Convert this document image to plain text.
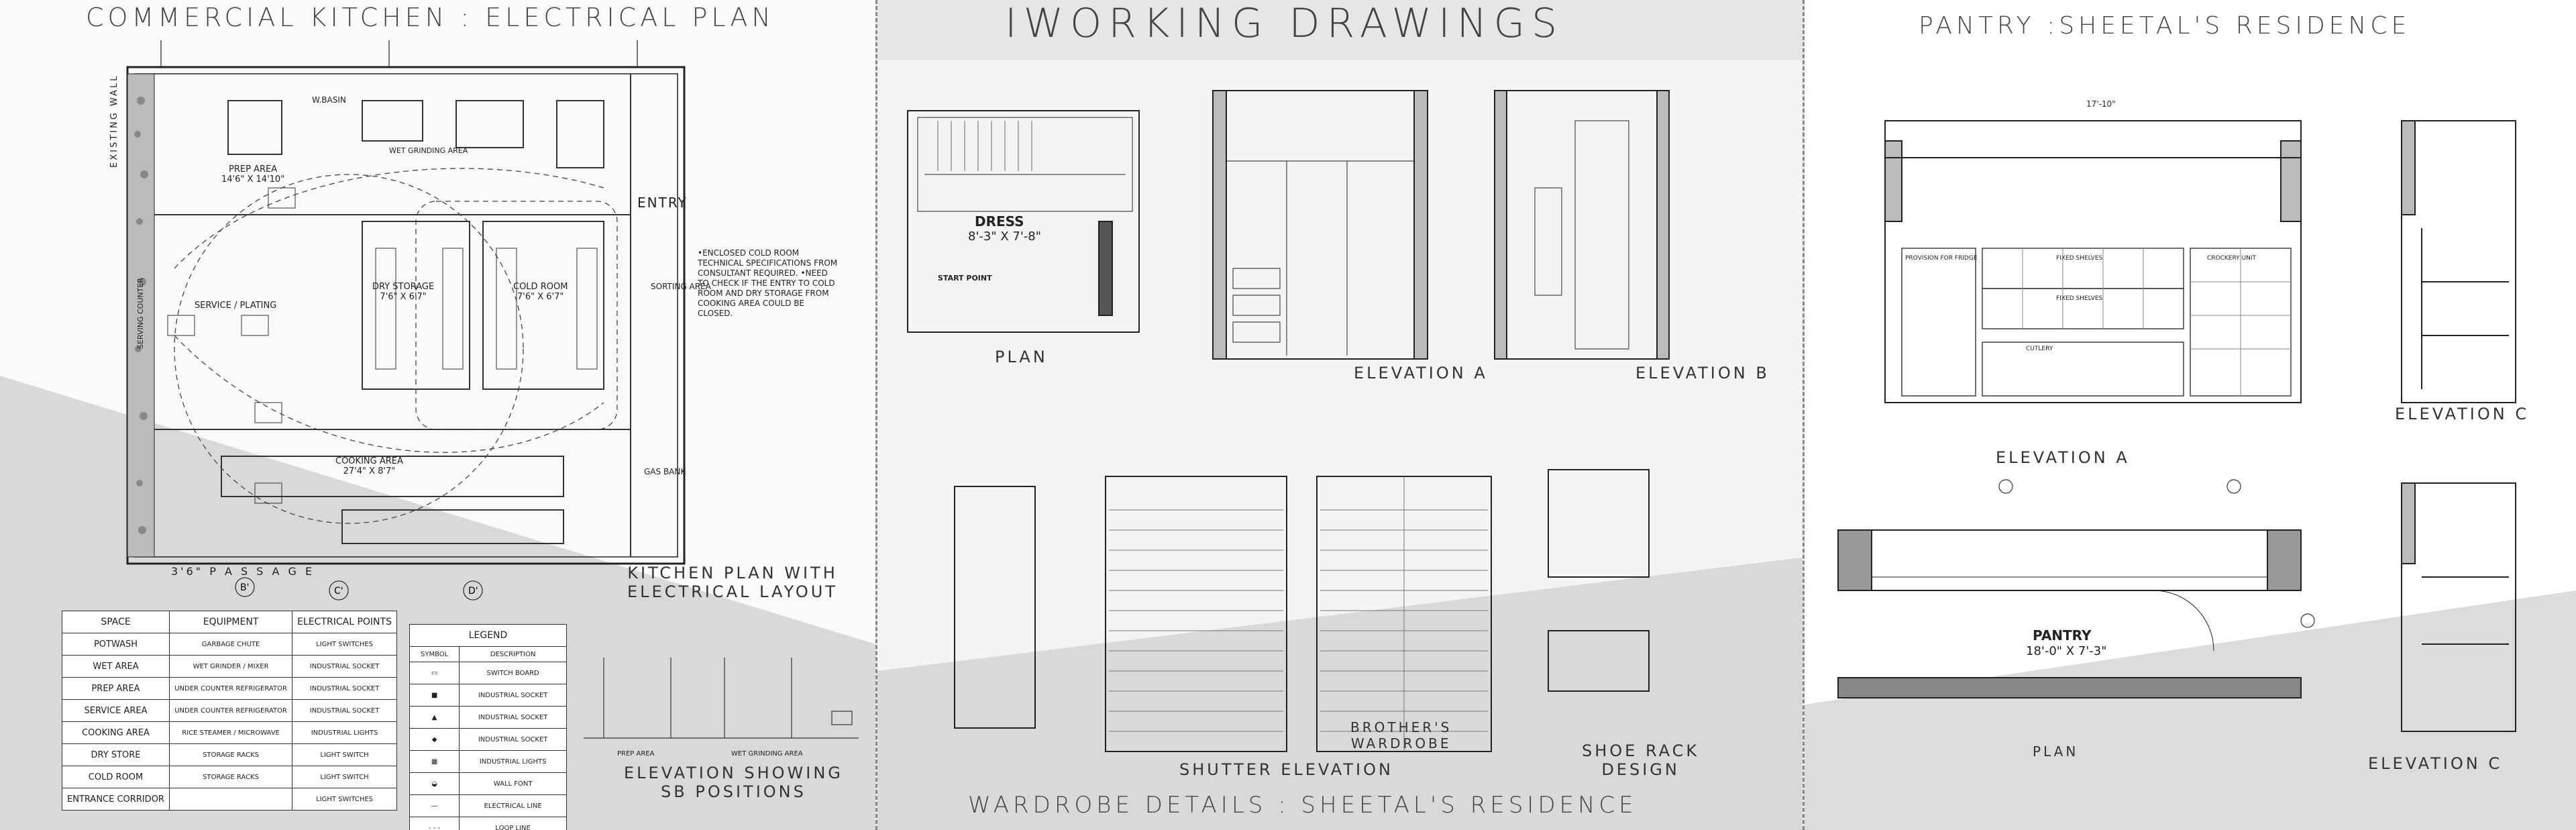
B'	C'	D'
COMMERCIAL KITCHEN : ELECTRICAL PLAN
PREP AREA
14'6" X 14'10"
DRY STORAGE
7'6" X 6'7"
COLD ROOM
7'6" X 6'7"
SERVICE / PLATING
COOKING AREA
27'4" X 8'7"
W.BASIN
WET GRINDING AREA
GAS BANK
ENTRY
SORTING AREA
EXISTING WALL
SERVING COUNTER
•ENCLOSED COLD ROOM TECHNICAL SPECIFICATIONS FROM CONSULTANT REQUIRED. •NEED TO CHECK IF THE ENTRY TO COLD ROOM AND DRY STORAGE FROM COOKING AREA COULD BE CLOSED.
3'6" P A S S A G E	KITCHEN PLAN WITH
ELECTRICAL LAYOUT
ELEVATION SHOWING
SB POSITIONS
PREP AREA	WET GRINDING AREA
SPACE	EQUIPMENT	ELECTRICAL POINTS
POTWASH	GARBAGE CHUTE	LIGHT SWITCHES
WET AREA	WET GRINDER / MIXER	INDUSTRIAL SOCKET
PREP AREA	UNDER COUNTER REFRIGERATOR	INDUSTRIAL SOCKET
SERVICE AREA	UNDER COUNTER REFRIGERATOR	INDUSTRIAL SOCKET
COOKING AREA	RICE STEAMER / MICROWAVE	INDUSTRIAL LIGHTS
DRY STORE	STORAGE RACKS	LIGHT SWITCH
COLD ROOM	STORAGE RACKS	LIGHT SWITCH
ENTRANCE CORRIDOR		LIGHT SWITCHES
LEGEND	
SYMBOL	DESCRIPTION
▭	SWITCH BOARD
■	INDUSTRIAL SOCKET
▲	INDUSTRIAL SOCKET
◆	INDUSTRIAL SOCKET
▦	INDUSTRIAL LIGHTS
◒	WALL FONT
—	ELECTRICAL LINE
- - -	LOOP LINE
IWORKING DRAWINGS
DRESS
8'-3" X 7'-8"
START POINT
PLAN
ELEVATION A	ELEVATION B
SHUTTER ELEVATION
BROTHER'S
WARDROBE	SHOE RACK
DESIGN
WARDROBE DETAILS : SHEETAL'S RESIDENCE
PANTRY :SHEETAL'S RESIDENCE
17'-10"
PROVISION FOR FRIDGE	FIXED SHELVES	CROCKERY UNIT
FIXED SHELVES
CUTLERY
ELEVATION A
ELEVATION C
PANTRY
18'-0" X 7'-3"
PLAN
ELEVATION C
